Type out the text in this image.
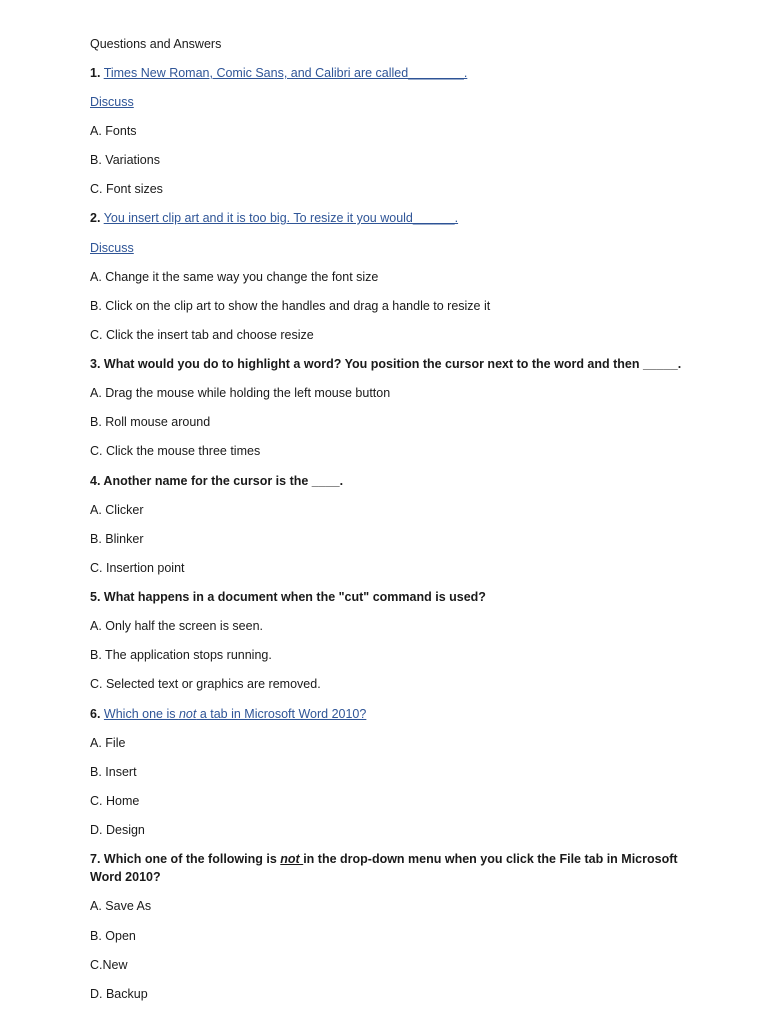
Questions and Answers
1. Times New Roman, Comic Sans, and Calibri are called________.
Discuss
A. Fonts
B. Variations
C. Font sizes
2. You insert clip art and it is too big. To resize it you would______.
Discuss
A. Change it the same way you change the font size
B. Click on the clip art to show the handles and drag a handle to resize it
C. Click the insert tab and choose resize
3. What would you do to highlight a word? You position the cursor next to the word and then _____.
A. Drag the mouse while holding the left mouse button
B. Roll mouse around
C. Click the mouse three times
4. Another name for the cursor is the ____.
A. Clicker
B. Blinker
C. Insertion point
5. What happens in a document when the "cut" command is used?
A. Only half the screen is seen.
B. The application stops running.
C. Selected text or graphics are removed.
6. Which one is not a tab in Microsoft Word 2010?
A. File
B. Insert
C. Home
D. Design
7. Which one of the following is not in the drop-down menu when you click the File tab in Microsoft Word 2010?
A. Save As
B. Open
C.New
D. Backup
